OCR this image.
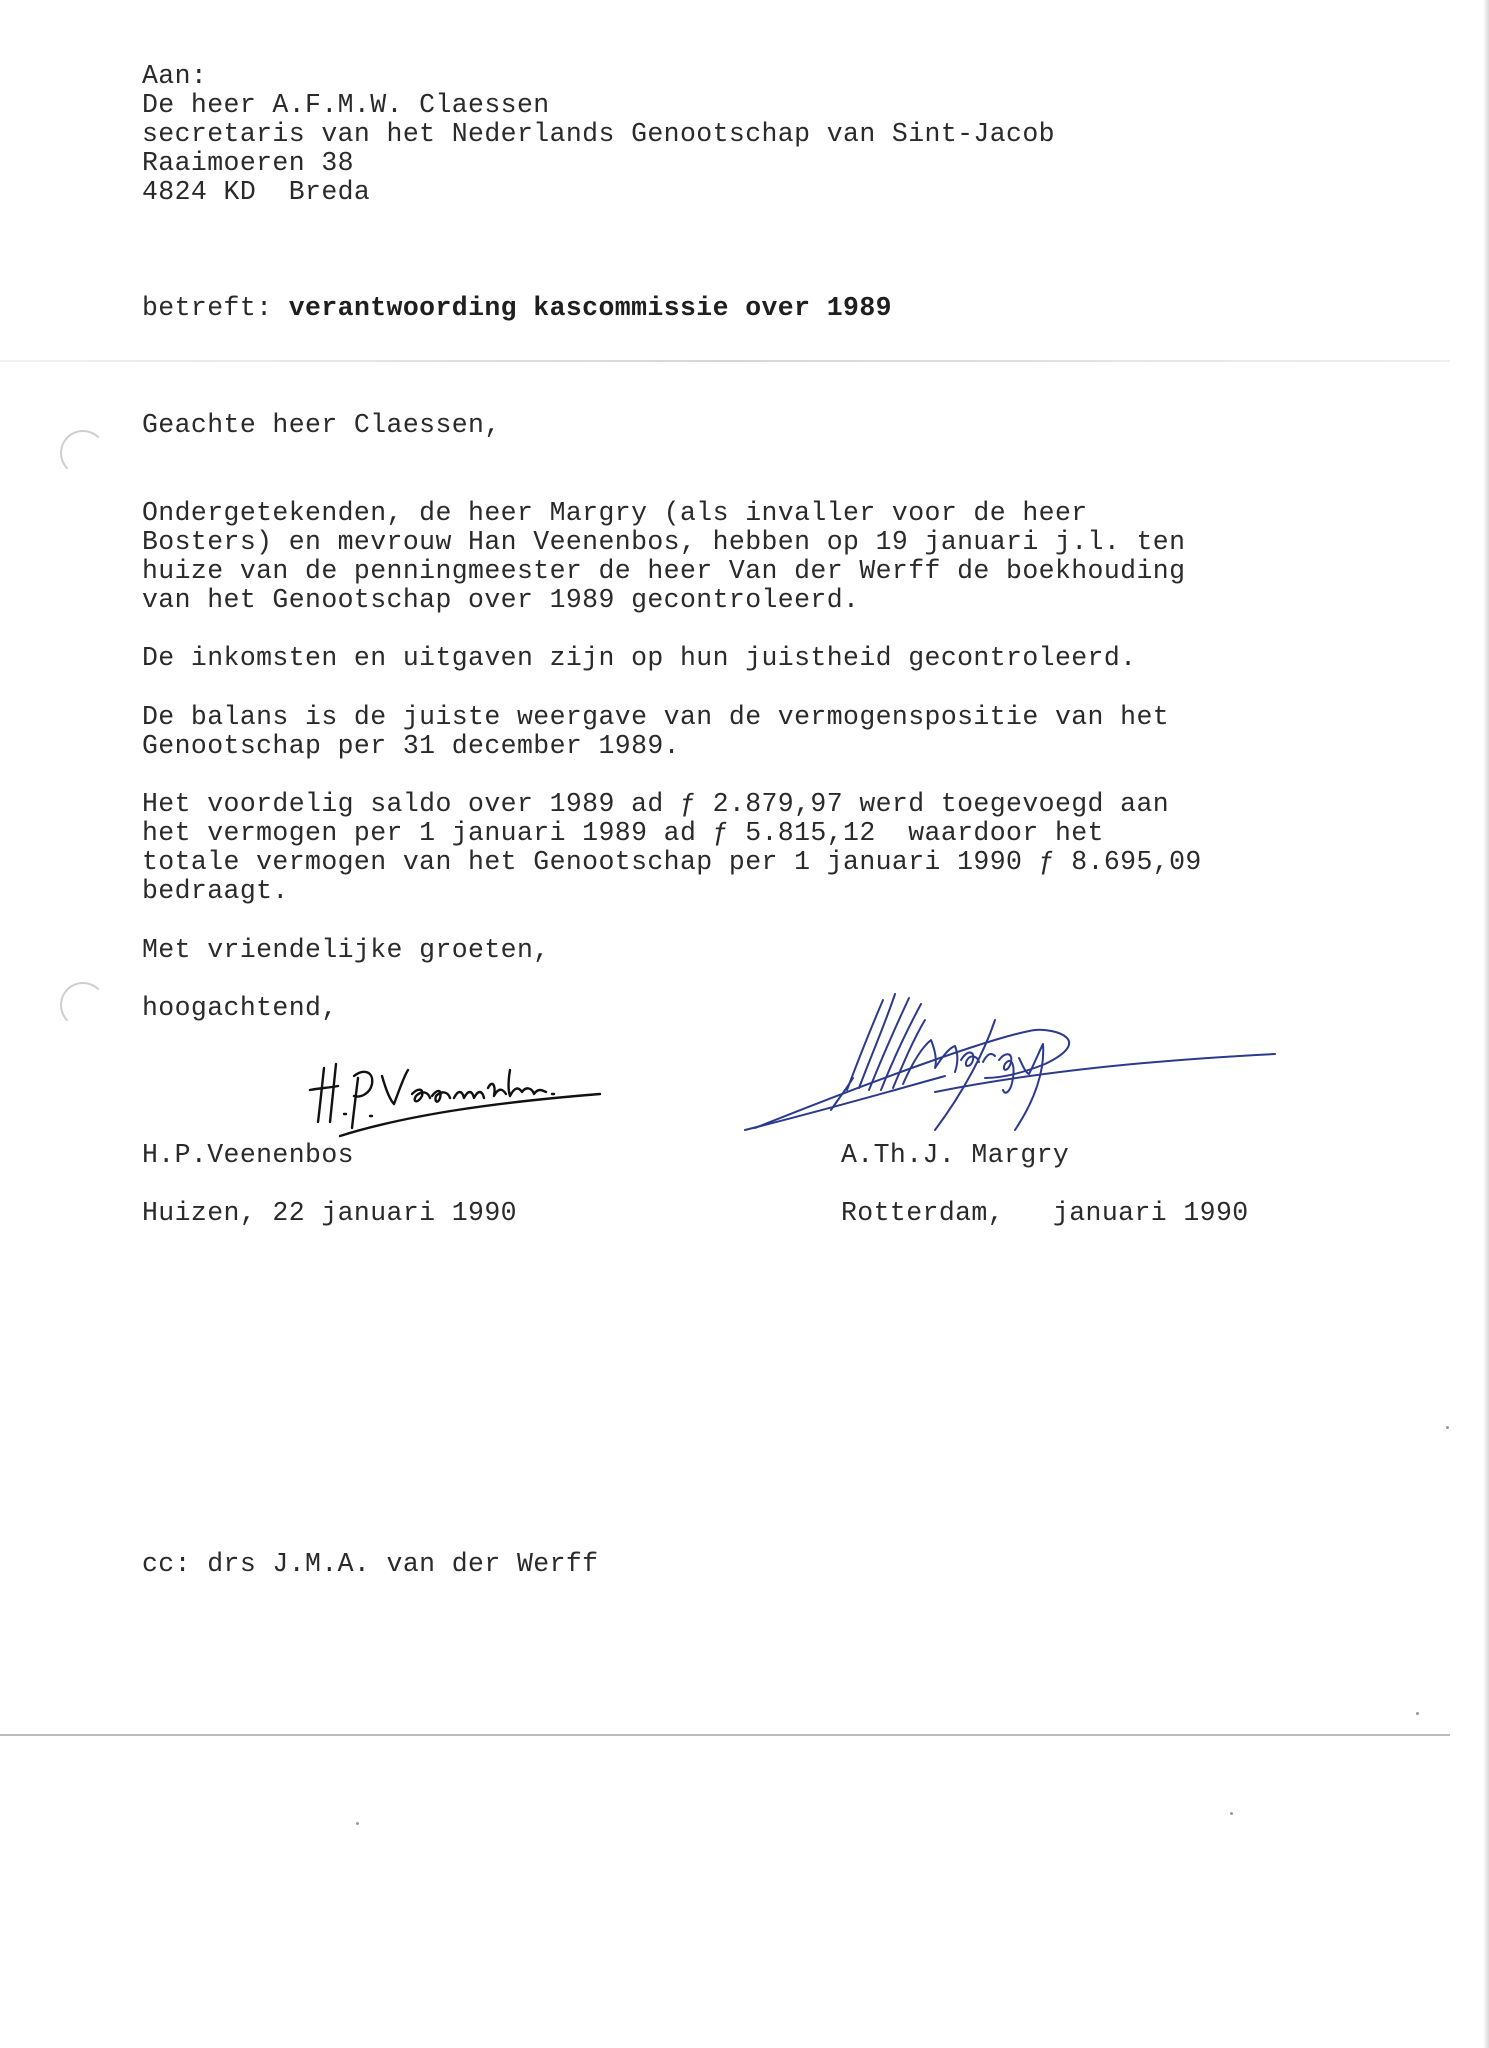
Aan:
De heer A.F.M.W. Claessen
secretaris van het Nederlands Genootschap van Sint-Jacob
Raaimoeren 38
4824 KD  Breda
betreft: verantwoording kascommissie over 1989
Geachte heer Claessen,
Ondergetekenden, de heer Margry (als invaller voor de heer
Bosters) en mevrouw Han Veenenbos, hebben op 19 januari j.l. ten
huize van de penningmeester de heer Van der Werff de boekhouding
van het Genootschap over 1989 gecontroleerd.
De inkomsten en uitgaven zijn op hun juistheid gecontroleerd.
De balans is de juiste weergave van de vermogenspositie van het
Genootschap per 31 december 1989.
Het voordelig saldo over 1989 ad ƒ 2.879,97 werd toegevoegd aan
het vermogen per 1 januari 1989 ad ƒ 5.815,12  waardoor het
totale vermogen van het Genootschap per 1 januari 1990 ƒ 8.695,09
bedraagt.
Met vriendelijke groeten,
hoogachtend,
H.P.Veenenbos	A.Th.J. Margry
Huizen, 22 januari 1990	Rotterdam,   januari 1990
cc: drs J.M.A. van der Werff
